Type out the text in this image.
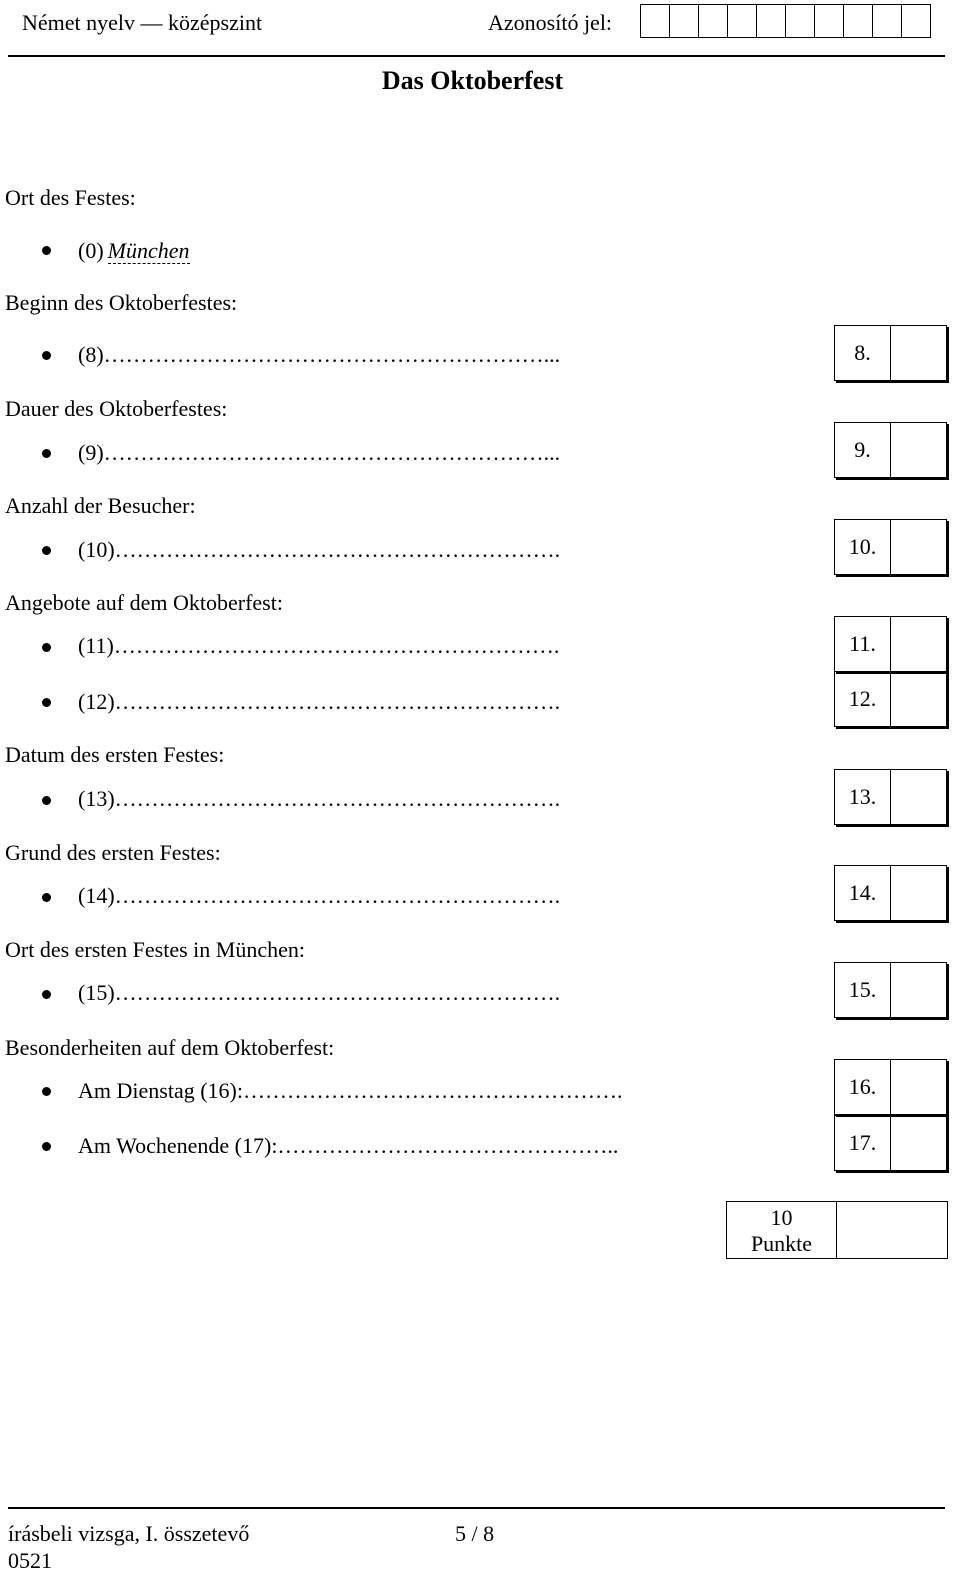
Német nyelv — középszint	Azonosító jel:
Das Oktoberfest
Ort des Festes:
(0) München
Beginn des Oktoberfestes:
(8)……………………………………………………...	8.
Dauer des Oktoberfestes:
(9)……………………………………………………...	9.
Anzahl der Besucher:
(10)…………………………………………………….	10.
Angebote auf dem Oktoberfest:
(11)…………………………………………………….	11.
(12)…………………………………………………….	12.
Datum des ersten Festes:
(13)…………………………………………………….	13.
Grund des ersten Festes:
(14)…………………………………………………….	14.
Ort des ersten Festes in München:
(15)…………………………………………………….	15.
Besonderheiten auf dem Oktoberfest:
Am Dienstag (16):…………………………………………….	16.
Am Wochenende (17):………………………………………..	17.
10
Punkte
írásbeli vizsga, I. összetevő
0521
5 / 8
